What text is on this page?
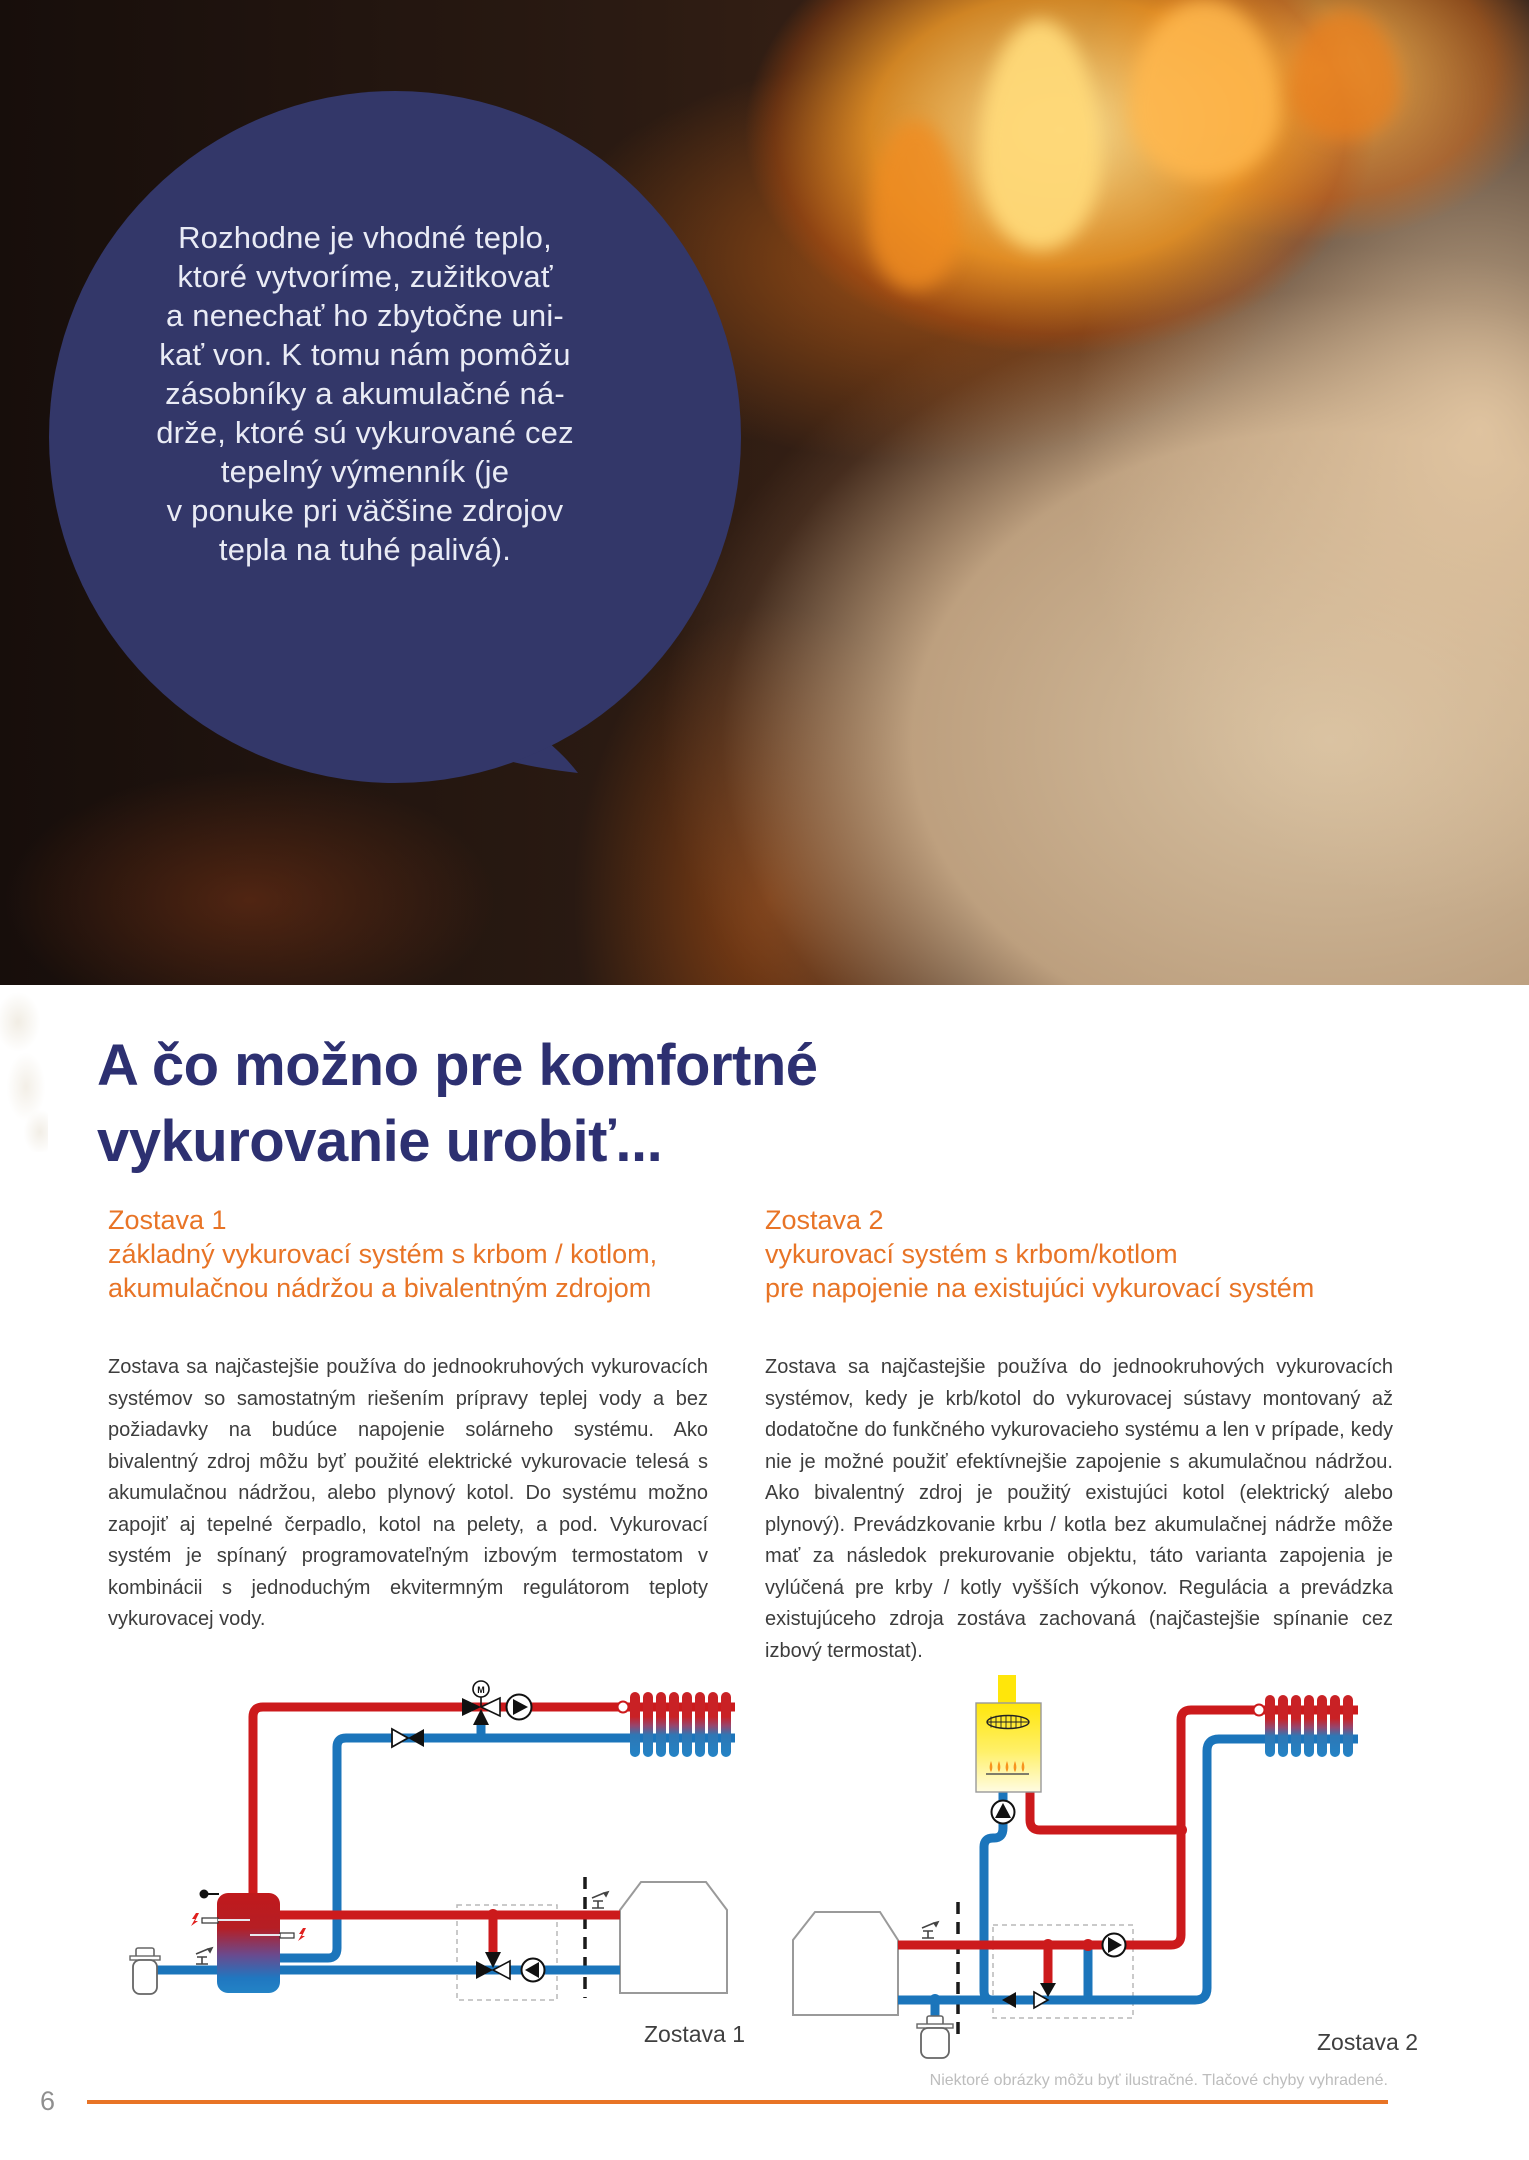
Rozhodne je vhodné teplo,
ktoré vytvoríme, zužitkovať
a nenechať ho zbytočne uni-
kať von. K tomu nám pomôžu
zásobníky a akumulačné ná-
drže, ktoré sú vykurované cez
tepelný výmenník (je
v ponuke pri väčšine zdrojov
tepla na tuhé palivá).
A čo možno pre komfortné
vykurovanie urobiť...
Zostava 1
základný vykurovací systém s krbom / kotlom,
akumulačnou nádržou a bivalentným zdrojom
Zostava 2
vykurovací systém s krbom/kotlom
pre napojenie na existujúci vykurovací systém

Zostava sa najčastejšie používa do jednookruhových vykurovacích systémov so samostatným riešením prípravy teplej vody a bez požiadavky na budúce napojenie solárneho systému. Ako bivalentný zdroj môžu byť použité elektrické vykurovacie telesá s akumulačnou nádržou, alebo plynový kotol. Do systému možno zapojiť aj tepelné čerpadlo, kotol na pelety, a pod. Vykurovací systém je spínaný programovateľným izbovým termostatom v kombinácii s jednoduchým ekvitermným regulátorom teploty vykurovacej vody.

Zostava sa najčastejšie používa do jednookruhových vykurovacích systémov, kedy je krb/kotol do vykurovacej sústavy montovaný až dodatočne do funkčného vykurovacieho systému a len v prípade, kedy nie je možné použiť efektívnejšie zapojenie s akumulačnou nádržou. Ako bivalentný zdroj je použitý existujúci kotol (elektrický alebo plynový). Prevádzkovanie krbu / kotla bez akumulačnej nádrže môže mať za následok prekurovanie objektu, táto varianta zapojenia je vylúčená pre krby / kotly vyšších výkonov. Regulácia a prevádzka existujúceho zdroja zostáva zachovaná (najčastejšie spínanie cez izbový termostat).

M
Zostava 1	Zostava 2
Niektoré obrázky môžu byť ilustračné. Tlačové chyby vyhradené.
6
